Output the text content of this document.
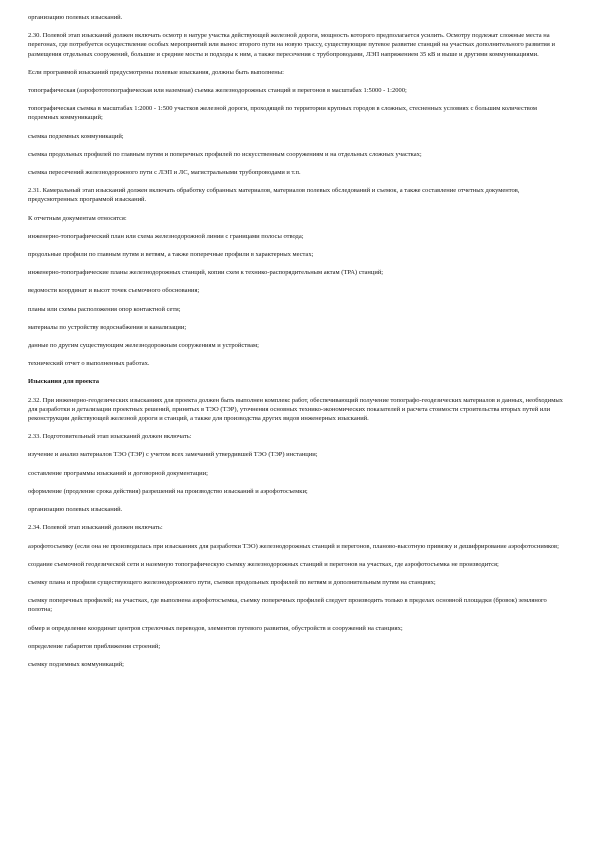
организацию полевых изысканий.
2.30. Полевой этап изысканий должен включать осмотр в натуре участка действующей железной дороги, мощность которого предполагается усилить. Осмотру подлежат сложные места на перегонах, где потребуется осуществление особых мероприятий или вынос второго пути на новую трассу, существующие путевое развитие станций на участках дополнительного развития и размещения отдельных сооружений, большие и средние мосты и подходы к ним, а также пересечения с трубопроводами, ЛЭП напряжением 35 кВ и выше и другими коммуникациями.
Если программой изысканий предусмотрены полевые изыскания, должны быть выполнены:
топографическая (аэрофототопографическая или наземная) съемка железнодорожных станций и перегонов в масштабах 1:5000 - 1:2000;
топографическая съемка в масштабах 1:2000 - 1:500 участков железной дороги, проходящей по территории крупных городов в сложных, стесненных условиях с большим количеством подземных коммуникаций;
съемка подземных коммуникаций;
съемка продольных профилей по главным путям и поперечных профилей по искусственным сооружениям и на отдельных сложных участках;
съемка пересечений железнодорожного пути с ЛЭП и ЛС, магистральными трубопроводами и т.п.
2.31. Камеральный этап изысканий должен включать обработку собранных материалов, материалов полевых обследований и съемок, а также составление отчетных документов, предусмотренных программой изысканий.
К отчетным документам относятся:
инженерно-топографический план или схема железнодорожной линии с границами полосы отвода;
продольные профили по главным путям и ветвям, а также поперечные профили в характерных местах;
инженерно-топографические планы железнодорожных станций, копии схем к технико-распорядительным актам (ТРА) станций;
ведомости координат и высот точек съемочного обоснования;
планы или схемы расположения опор контактной сети;
материалы по устройству водоснабжения и канализации;
данные по другим существующим железнодорожным сооружениям и устройствам;
технический отчет о выполненных работах.
Изыскания для проекта
2.32. При инженерно-геодезических изысканиях для проекта должен быть выполнен комплекс работ, обеспечивающий получение топографо-геодезических материалов и данных, необходимых для разработки и детализации проектных решений, принятых в ТЭО (ТЭР), уточнения основных технико-экономических показателей и расчета стоимости строительства вторых путей или реконструкции действующей железной дороги и станций, а также для производства других видов инженерных изысканий.
2.33. Подготовительный этап изысканий должен включать:
изучение и анализ материалов ТЭО (ТЭР) с учетом всех замечаний утвердившей ТЭО (ТЭР) инстанции;
составление программы изысканий и договорной документации;
оформление (продление срока действия) разрешений на производство изысканий и аэрофотосъемки;
организацию полевых изысканий.
2.34. Полевой этап изысканий должен включать:
аэрофотосъемку (если она не производилась при изысканиях для разработки ТЭО) железнодорожных станций и перегонов, планово-высотную привязку и дешифрирование аэрофотоснимков;
создание съемочной геодезической сети и наземную топографическую съемку железнодорожных станций и перегонов на участках, где аэрофотосъемка не производится;
съемку плана и профиля существующего железнодорожного пути, съемки продольных профилей по ветвям и дополнительным путям на станциях;
съемку поперечных профилей; на участках, где выполнена аэрофотосъемка, съемку поперечных профилей следует производить только в пределах основной площадки (бровок) земляного полотна;
обмер и определение координат центров стрелочных переводов, элементов путевого развития, обустройств и сооружений на станциях;
определение габаритов приближения строений;
съемку подземных коммуникаций;
